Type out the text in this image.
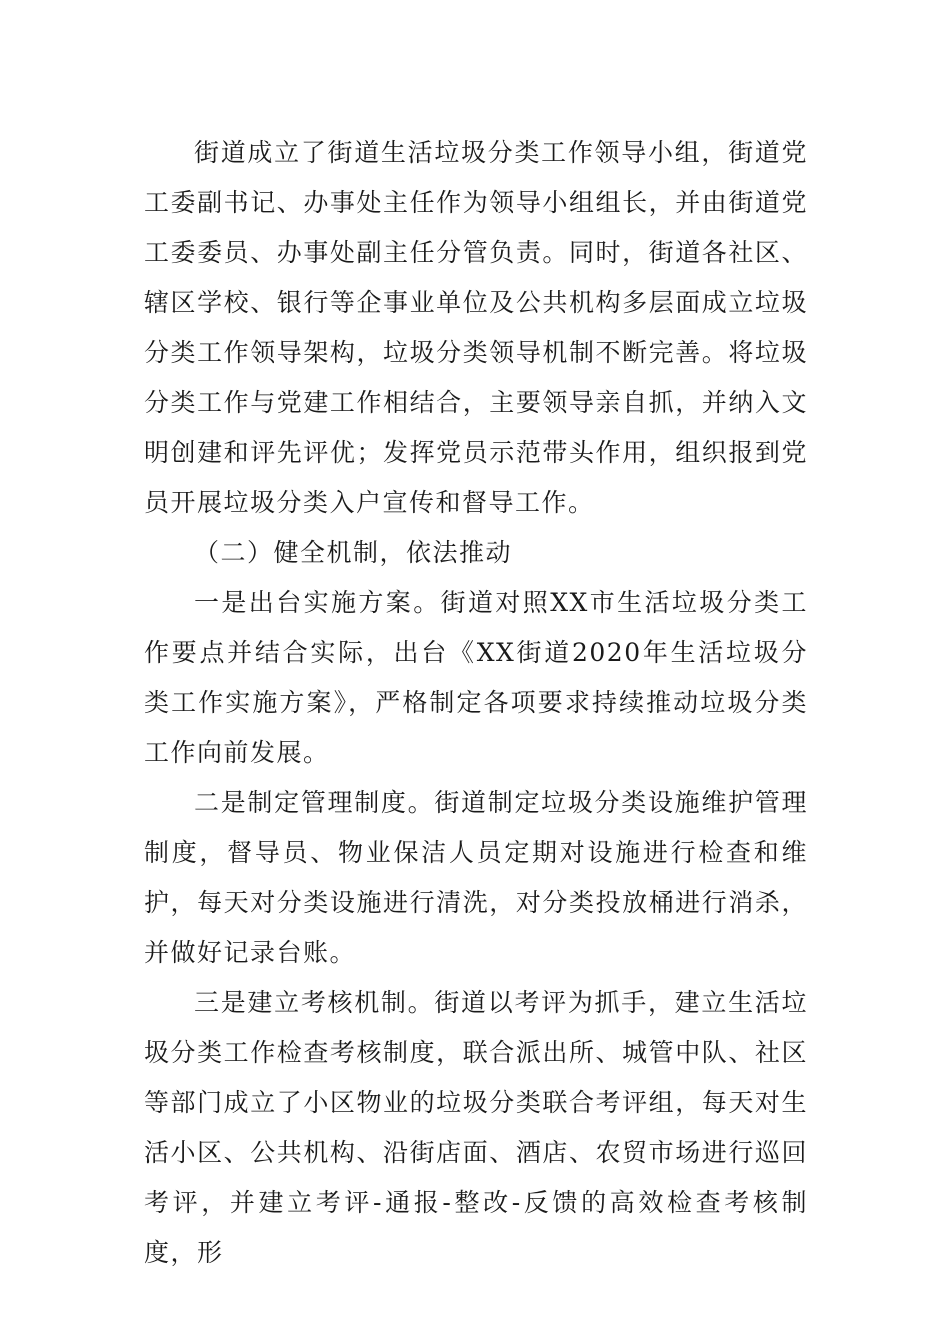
街道成立了街道生活垃圾分类工作领导小组，街道党工委副书记、办事处主任作为领导小组组长，并由街道党工委委员、办事处副主任分管负责。同时，街道各社区、辖区学校、银行等企事业单位及公共机构多层面成立垃圾分类工作领导架构，垃圾分类领导机制不断完善。将垃圾分类工作与党建工作相结合，主要领导亲自抓，并纳入文明创建和评先评优；发挥党员示范带头作用，组织报到党员开展垃圾分类入户宣传和督导工作。

（二）健全机制，依法推动

一是出台实施方案。街道对照XX市生活垃圾分类工作要点并结合实际，出台《XX街道2020年生活垃圾分类工作实施方案》，严格制定各项要求持续推动垃圾分类工作向前发展。

二是制定管理制度。街道制定垃圾分类设施维护管理制度，督导员、物业保洁人员定期对设施进行检查和维护，每天对分类设施进行清洗，对分类投放桶进行消杀，并做好记录台账。

三是建立考核机制。街道以考评为抓手，建立生活垃圾分类工作检查考核制度，联合派出所、城管中队、社区等部门成立了小区物业的垃圾分类联合考评组，每天对生活小区、公共机构、沿街店面、酒店、农贸市场进行巡回考评，并建立考评-通报-整改-反馈的高效检查考核制度，形
